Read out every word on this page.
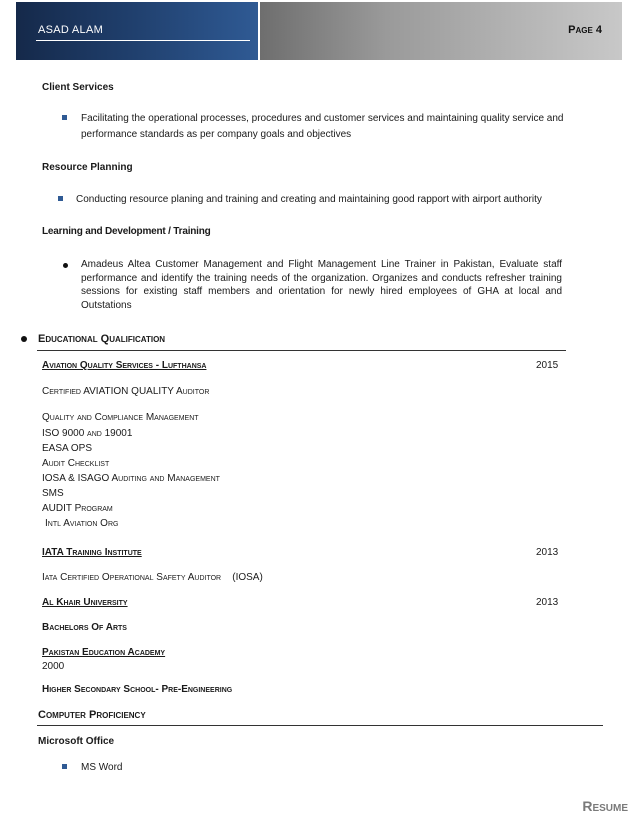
ASAD ALAM	Page 4
Client Services
Facilitating the operational processes, procedures and customer services and maintaining quality service and
performance standards as per company goals and objectives
Resource Planning
Conducting resource planing and training and creating and maintaining good rapport with airport authority
Learning and Development / Training
Amadeus Altea Customer Management and Flight Management Line Trainer in Pakistan, Evaluate staff performance and identify the training needs of the organization. Organizes and conducts refresher training sessions for existing staff members and orientation for newly hired employees of GHA at local and Outstations
Educational Qualification
Aviation Quality Services - Lufthansa	2015
Certified AVIATION QUALITY Auditor
Quality and Compliance Management
ISO 9000 and 19001
EASA OPS
Audit Checklist
IOSA & ISAGO Auditing and Management
SMS
AUDIT Program
Intl Aviation Org
IATA Training Institute	2013
Iata Certified Operational Safety Auditor (IOSA)
Al Khair University	2013
Bachelors Of Arts
Pakistan Education Academy
2000
Higher Secondary School- Pre-Engineering
Computer Proficiency
Microsoft Office
MS Word
Resume
